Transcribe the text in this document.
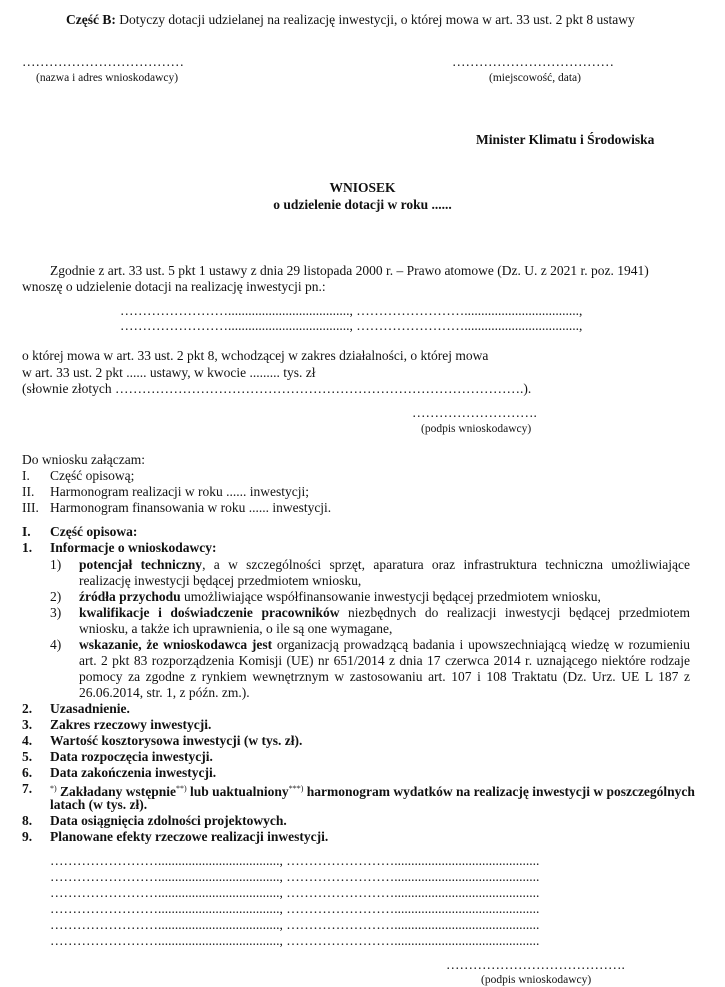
Część B: Dotyczy dotacji udzielanej na realizację inwestycji, o której mowa w art. 33 ust. 2 pkt 8 ustawy
………………………………
(nazwa i adres wnioskodawcy)
………………………………
(miejscowość, data)
Minister Klimatu i Środowiska
WNIOSEK
o udzielenie dotacji w roku ......
Zgodnie z art. 33 ust. 5 pkt 1 ustawy z dnia 29 listopada 2000 r. – Prawo atomowe (Dz. U. z 2021 r. poz. 1941)
wnoszę o udzielenie dotacji na realizację inwestycji pn.:
……………………...................................., ……………………..................................,
……………………...................................., ……………………..................................,
o której mowa w art. 33 ust. 2 pkt 8, wchodzącej w zakres działalności, o której mowa
w art. 33 ust. 2 pkt ...... ustawy, w kwocie ......... tys. zł
(słownie złotych ……………………………………………………………………………….).
……………………….
(podpis wnioskodawcy)
Do wniosku załączam:
I. Część opisową;
II. Harmonogram realizacji w roku ...... inwestycji;
III. Harmonogram finansowania w roku ...... inwestycji.
I. Część opisowa:
1. Informacje o wnioskodawcy:
1) potencjał techniczny, a w szczególności sprzęt, aparatura oraz infrastruktura techniczna umożliwiające realizację inwestycji będącej przedmiotem wniosku,
2) źródła przychodu umożliwiające współfinansowanie inwestycji będącej przedmiotem wniosku,
3) kwalifikacje i doświadczenie pracowników niezbędnych do realizacji inwestycji będącej przedmiotem wniosku, a także ich uprawnienia, o ile są one wymagane,
4) wskazanie, że wnioskodawca jest organizacją prowadzącą badania i upowszechniającą wiedzę w rozumieniu art. 2 pkt 83 rozporządzenia Komisji (UE) nr 651/2014 z dnia 17 czerwca 2014 r. uznającego niektóre rodzaje pomocy za zgodne z rynkiem wewnętrznym w zastosowaniu art. 107 i 108 Traktatu (Dz. Urz. UE L 187 z 26.06.2014, str. 1, z późn. zm.).
2. Uzasadnienie.
3. Zakres rzeczowy inwestycji.
4. Wartość kosztorysowa inwestycji (w tys. zł).
5. Data rozpoczęcia inwestycji.
6. Data zakończenia inwestycji.
7. *) Zakładany wstępnie**) lub uaktualniony***) harmonogram wydatków na realizację inwestycji w poszczególnych
latach (w tys. zł).
8. Data osiągnięcia zdolności projektowych.
9. Planowane efekty rzeczowe realizacji inwestycji.
……………………...................................., ……………………...........................................
……………………...................................., ……………………...........................................
……………………...................................., ……………………...........................................
……………………...................................., ……………………...........................................
……………………...................................., ……………………...........................................
……………………...................................., ……………………...........................................
………………………………….
(podpis wnioskodawcy)
